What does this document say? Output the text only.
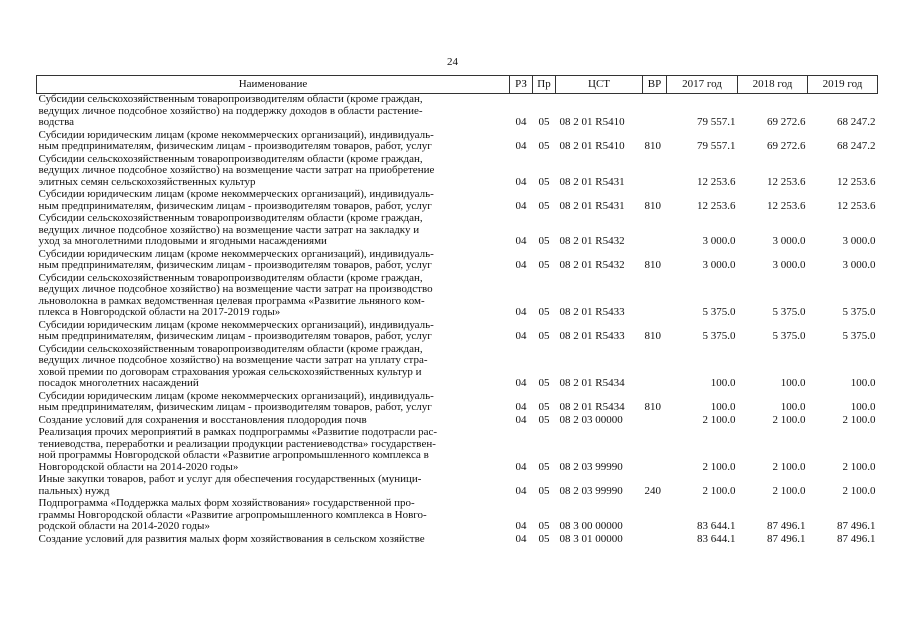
24
Наименование	РЗ	Пр	ЦСТ	ВР	2017 год	2018 год	2019 год
Субсидии сельскохозяйственным товаропроизводителям области (кроме граждан,
ведущих личное подсобное хозяйство) на поддержку доходов в области растение-
водства	04	05	08 2 01 R5410		79 557.1	69 272.6	68 247.2
Субсидии юридическим лицам (кроме некоммерческих организаций), индивидуаль-
ным предпринимателям, физическим лицам - производителям товаров, работ, услуг	04	05	08 2 01 R5410	810	79 557.1	69 272.6	68 247.2
Субсидии сельскохозяйственным товаропроизводителям области (кроме граждан,
ведущих личное подсобное хозяйство) на возмещение части затрат на приобретение
элитных семян сельскохозяйственных культур	04	05	08 2 01 R5431		12 253.6	12 253.6	12 253.6
Субсидии юридическим лицам (кроме некоммерческих организаций), индивидуаль-
ным предпринимателям, физическим лицам - производителям товаров, работ, услуг	04	05	08 2 01 R5431	810	12 253.6	12 253.6	12 253.6
Субсидии сельскохозяйственным товаропроизводителям области (кроме граждан,
ведущих личное подсобное хозяйство) на возмещение части затрат на закладку и
уход за многолетними плодовыми и ягодными насаждениями	04	05	08 2 01 R5432		3 000.0	3 000.0	3 000.0
Субсидии юридическим лицам (кроме некоммерческих организаций), индивидуаль-
ным предпринимателям, физическим лицам - производителям товаров, работ, услуг	04	05	08 2 01 R5432	810	3 000.0	3 000.0	3 000.0
Субсидии сельскохозяйственным товаропроизводителям области (кроме граждан,
ведущих личное подсобное хозяйство) на возмещение части затрат на производство
льноволокна в рамках ведомственная целевая программа «Развитие льняного ком-
плекса в Новгородской области на 2017-2019 годы»	04	05	08 2 01 R5433		5 375.0	5 375.0	5 375.0
Субсидии юридическим лицам (кроме некоммерческих организаций), индивидуаль-
ным предпринимателям, физическим лицам - производителям товаров, работ, услуг	04	05	08 2 01 R5433	810	5 375.0	5 375.0	5 375.0
Субсидии сельскохозяйственным товаропроизводителям области (кроме граждан,
ведущих личное подсобное хозяйство) на возмещение части затрат на уплату стра-
ховой премии по договорам страхования урожая сельскохозяйственных культур и
посадок многолетних насаждений	04	05	08 2 01 R5434		100.0	100.0	100.0
Субсидии юридическим лицам (кроме некоммерческих организаций), индивидуаль-
ным предпринимателям, физическим лицам - производителям товаров, работ, услуг	04	05	08 2 01 R5434	810	100.0	100.0	100.0
Создание условий для сохранения и восстановления плодородия почв	04	05	08 2 03 00000		2 100.0	2 100.0	2 100.0
Реализация прочих мероприятий в рамках подпрограммы «Развитие подотрасли рас-
тениеводства, переработки и реализации продукции растениеводства» государствен-
ной программы Новгородской области «Развитие агропромышленного комплекса в
Новгородской области на 2014-2020 годы»	04	05	08 2 03 99990		2 100.0	2 100.0	2 100.0
Иные закупки товаров, работ и услуг для обеспечения государственных (муници-
пальных) нужд	04	05	08 2 03 99990	240	2 100.0	2 100.0	2 100.0
Подпрограмма «Поддержка малых форм хозяйствования» государственной про-
граммы Новгородской области «Развитие агропромышленного комплекса в Новго-
родской области на 2014-2020 годы»	04	05	08 3 00 00000		83 644.1	87 496.1	87 496.1
Создание условий для развития малых форм хозяйствования в сельском хозяйстве	04	05	08 3 01 00000		83 644.1	87 496.1	87 496.1
